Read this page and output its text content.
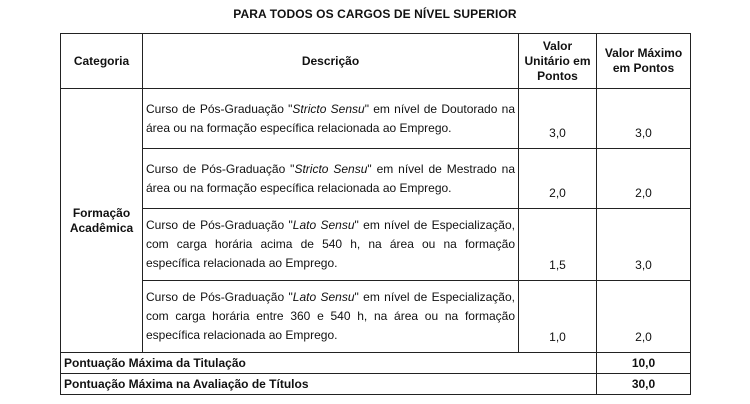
PARA TODOS OS CARGOS DE NÍVEL SUPERIOR
Categoria	Descrição	Valor Unitário em Pontos	Valor Máximo em Pontos
Formação Acadêmica	Curso de Pós-Graduação "Stricto Sensu" em nível de Doutorado na área ou na formação específica relacionada ao Emprego.	3,0	3,0
	Curso de Pós-Graduação "Stricto Sensu" em nível de Mestrado na área ou na formação específica relacionada ao Emprego.	2,0	2,0
	Curso de Pós-Graduação "Lato Sensu" em nível de Especialização, com carga horária acima de 540 h, na área ou na formação específica relacionada ao Emprego.	1,5	3,0
	Curso de Pós-Graduação "Lato Sensu" em nível de Especialização, com carga horária entre 360 e 540 h, na área ou na formação específica relacionada ao Emprego.	1,0	2,0
Pontuação Máxima da Titulação			10,0
Pontuação Máxima na Avaliação de Títulos			30,0
